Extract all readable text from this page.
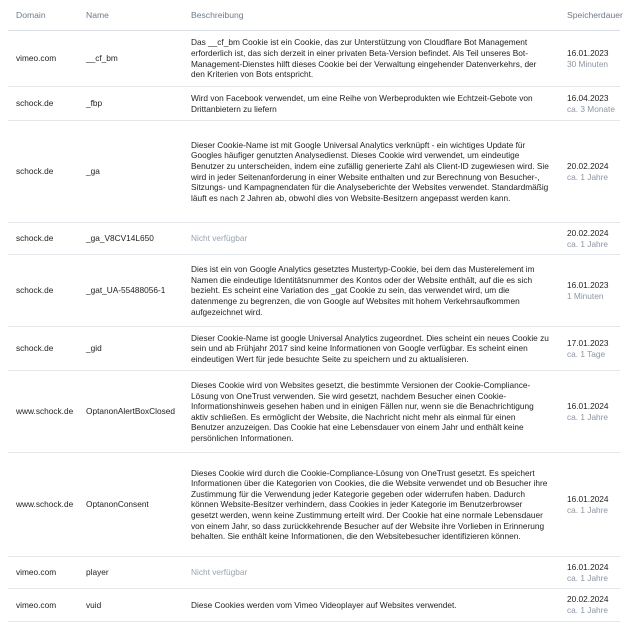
Domain	Name	Beschreibung	Speicherdauer
vimeo.com	__cf_bm	Das __cf_bm Cookie ist ein Cookie, das zur Unterstützung von Cloudflare Bot Management erforderlich ist, das sich derzeit in einer privaten Beta-Version befindet. Als Teil unseres Bot-Management-Dienstes hilft dieses Cookie bei der Verwaltung eingehender Datenverkehrs, der den Kriterien von Bots entspricht.	16.01.2023
30 Minuten

schock.de	_fbp	Wird von Facebook verwendet, um eine Reihe von Werbeprodukten wie Echtzeit-Gebote von Drittanbietern zu liefern	16.04.2023
ca. 3 Monate

schock.de	_ga	Dieser Cookie-Name ist mit Google Universal Analytics verknüpft - ein wichtiges Update für Googles häufiger genutzten Analysedienst. Dieses Cookie wird verwendet, um eindeutige Benutzer zu unterscheiden, indem eine zufällig generierte Zahl als Client-ID zugewiesen wird. Sie wird in jeder Seitenanforderung in einer Website enthalten und zur Berechnung von Besucher-, Sitzungs- und Kampagnendaten für die Analyseberichte der Websites verwendet. Standardmäßig läuft es nach 2 Jahren ab, obwohl dies von Website-Besitzern angepasst werden kann.	20.02.2024
ca. 1 Jahre

schock.de	_ga_V8CV14L650	Nicht verfügbar	20.02.2024
ca. 1 Jahre

schock.de	_gat_UA-55488056-1	Dies ist ein von Google Analytics gesetztes Mustertyp-Cookie, bei dem das Musterelement im Namen die eindeutige Identitätsnummer des Kontos oder der Website enthält, auf die es sich bezieht. Es scheint eine Variation des _gat Cookie zu sein, das verwendet wird, um die datenmenge zu begrenzen, die von Google auf Websites mit hohem Verkehrsaufkommen aufgezeichnet wird.	16.01.2023
1 Minuten

schock.de	_gid	Dieser Cookie-Name ist google Universal Analytics zugeordnet. Dies scheint ein neues Cookie zu sein und ab Frühjahr 2017 sind keine Informationen von Google verfügbar. Es scheint einen eindeutigen Wert für jede besuchte Seite zu speichern und zu aktualisieren.	17.01.2023
ca. 1 Tage

www.schock.de	OptanonAlertBoxClosed	Dieses Cookie wird von Websites gesetzt, die bestimmte Versionen der Cookie-Compliance-Lösung von OneTrust verwenden. Sie wird gesetzt, nachdem Besucher einen Cookie-Informationshinweis gesehen haben und in einigen Fällen nur, wenn sie die Benachrichtigung aktiv schließen. Es ermöglicht der Website, die Nachricht nicht mehr als einmal für einen Benutzer anzuzeigen. Das Cookie hat eine Lebensdauer von einem Jahr und enthält keine persönlichen Informationen.	16.01.2024
ca. 1 Jahre

www.schock.de	OptanonConsent	Dieses Cookie wird durch die Cookie-Compliance-Lösung von OneTrust gesetzt. Es speichert Informationen über die Kategorien von Cookies, die die Website verwendet und ob Besucher ihre Zustimmung für die Verwendung jeder Kategorie gegeben oder widerrufen haben. Dadurch können Website-Besitzer verhindern, dass Cookies in jeder Kategorie im Benutzerbrowser gesetzt werden, wenn keine Zustimmung erteilt wird. Der Cookie hat eine normale Lebensdauer von einem Jahr, so dass zurückkehrende Besucher auf der Website ihre Vorlieben in Erinnerung behalten. Sie enthält keine Informationen, die den Websitebesucher identifizieren können.	16.01.2024
ca. 1 Jahre

vimeo.com	player	Nicht verfügbar	16.01.2024
ca. 1 Jahre

vimeo.com	vuid	Diese Cookies werden vom Vimeo Videoplayer auf Websites verwendet.	20.02.2024
ca. 1 Jahre
